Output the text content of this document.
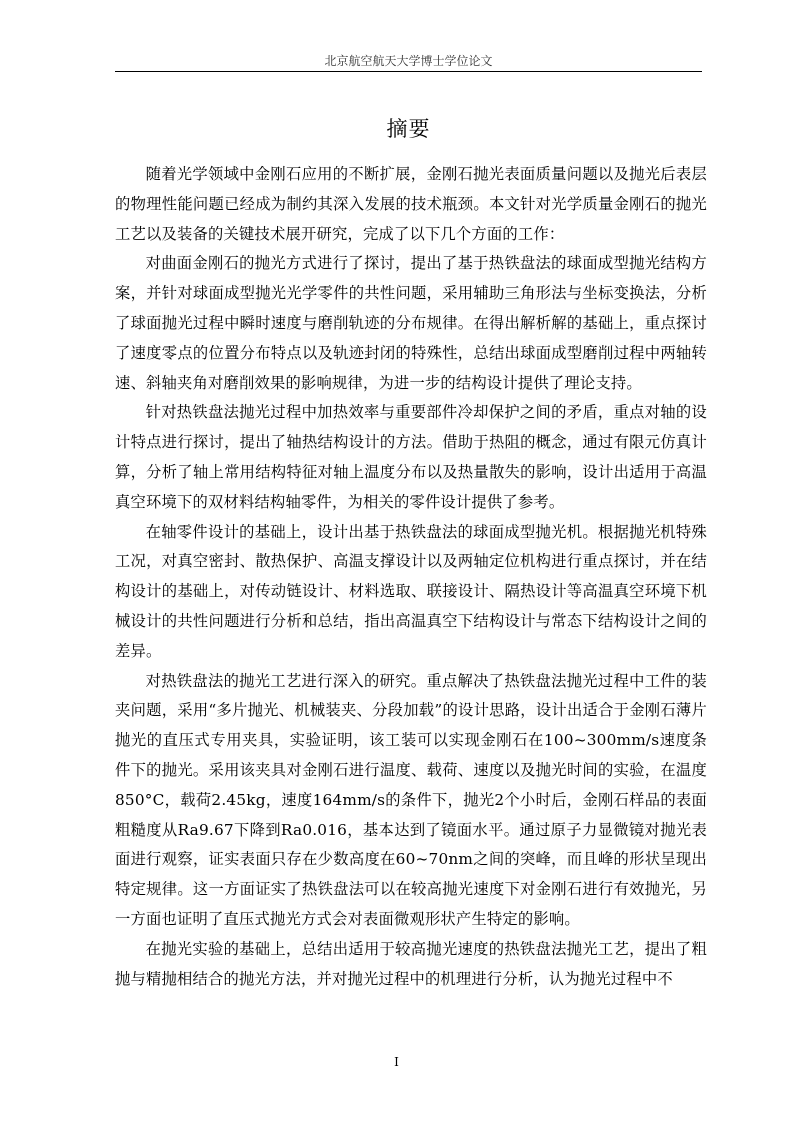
北京航空航天大学博士学位论文
摘要

随着光学领域中金刚石应用的不断扩展，金刚石抛光表面质量问题以及抛光后表层的物理性能问题已经成为制约其深入发展的技术瓶颈。本文针对光学质量金刚石的抛光工艺以及装备的关键技术展开研究，完成了以下几个方面的工作：

对曲面金刚石的抛光方式进行了探讨，提出了基于热铁盘法的球面成型抛光结构方案，并针对球面成型抛光光学零件的共性问题，采用辅助三角形法与坐标变换法，分析了球面抛光过程中瞬时速度与磨削轨迹的分布规律。在得出解析解的基础上，重点探讨了速度零点的位置分布特点以及轨迹封闭的特殊性，总结出球面成型磨削过程中两轴转速、斜轴夹角对磨削效果的影响规律，为进一步的结构设计提供了理论支持。

针对热铁盘法抛光过程中加热效率与重要部件冷却保护之间的矛盾，重点对轴的设计特点进行探讨，提出了轴热结构设计的方法。借助于热阻的概念，通过有限元仿真计算，分析了轴上常用结构特征对轴上温度分布以及热量散失的影响，设计出适用于高温真空环境下的双材料结构轴零件，为相关的零件设计提供了参考。

在轴零件设计的基础上，设计出基于热铁盘法的球面成型抛光机。根据抛光机特殊工况，对真空密封、散热保护、高温支撑设计以及两轴定位机构进行重点探讨，并在结构设计的基础上，对传动链设计、材料选取、联接设计、隔热设计等高温真空环境下机械设计的共性问题进行分析和总结，指出高温真空下结构设计与常态下结构设计之间的差异。

对热铁盘法的抛光工艺进行深入的研究。重点解决了热铁盘法抛光过程中工件的装夹问题，采用“多片抛光、机械装夹、分段加载”的设计思路，设计出适合于金刚石薄片抛光的直压式专用夹具，实验证明，该工装可以实现金刚石在100~300mm/s速度条件下的抛光。采用该夹具对金刚石进行温度、载荷、速度以及抛光时间的实验，在温度850°C，载荷2.45kg，速度164mm/s的条件下，抛光2个小时后，金刚石样品的表面粗糙度从Ra9.67下降到Ra0.016，基本达到了镜面水平。通过原子力显微镜对抛光表面进行观察，证实表面只存在少数高度在60~70nm之间的突峰，而且峰的形状呈现出特定规律。这一方面证实了热铁盘法可以在较高抛光速度下对金刚石进行有效抛光，另一方面也证明了直压式抛光方式会对表面微观形状产生特定的影响。

在抛光实验的基础上，总结出适用于较高抛光速度的热铁盘法抛光工艺，提出了粗抛与精抛相结合的抛光方法，并对抛光过程中的机理进行分析，认为抛光过程中不

I
